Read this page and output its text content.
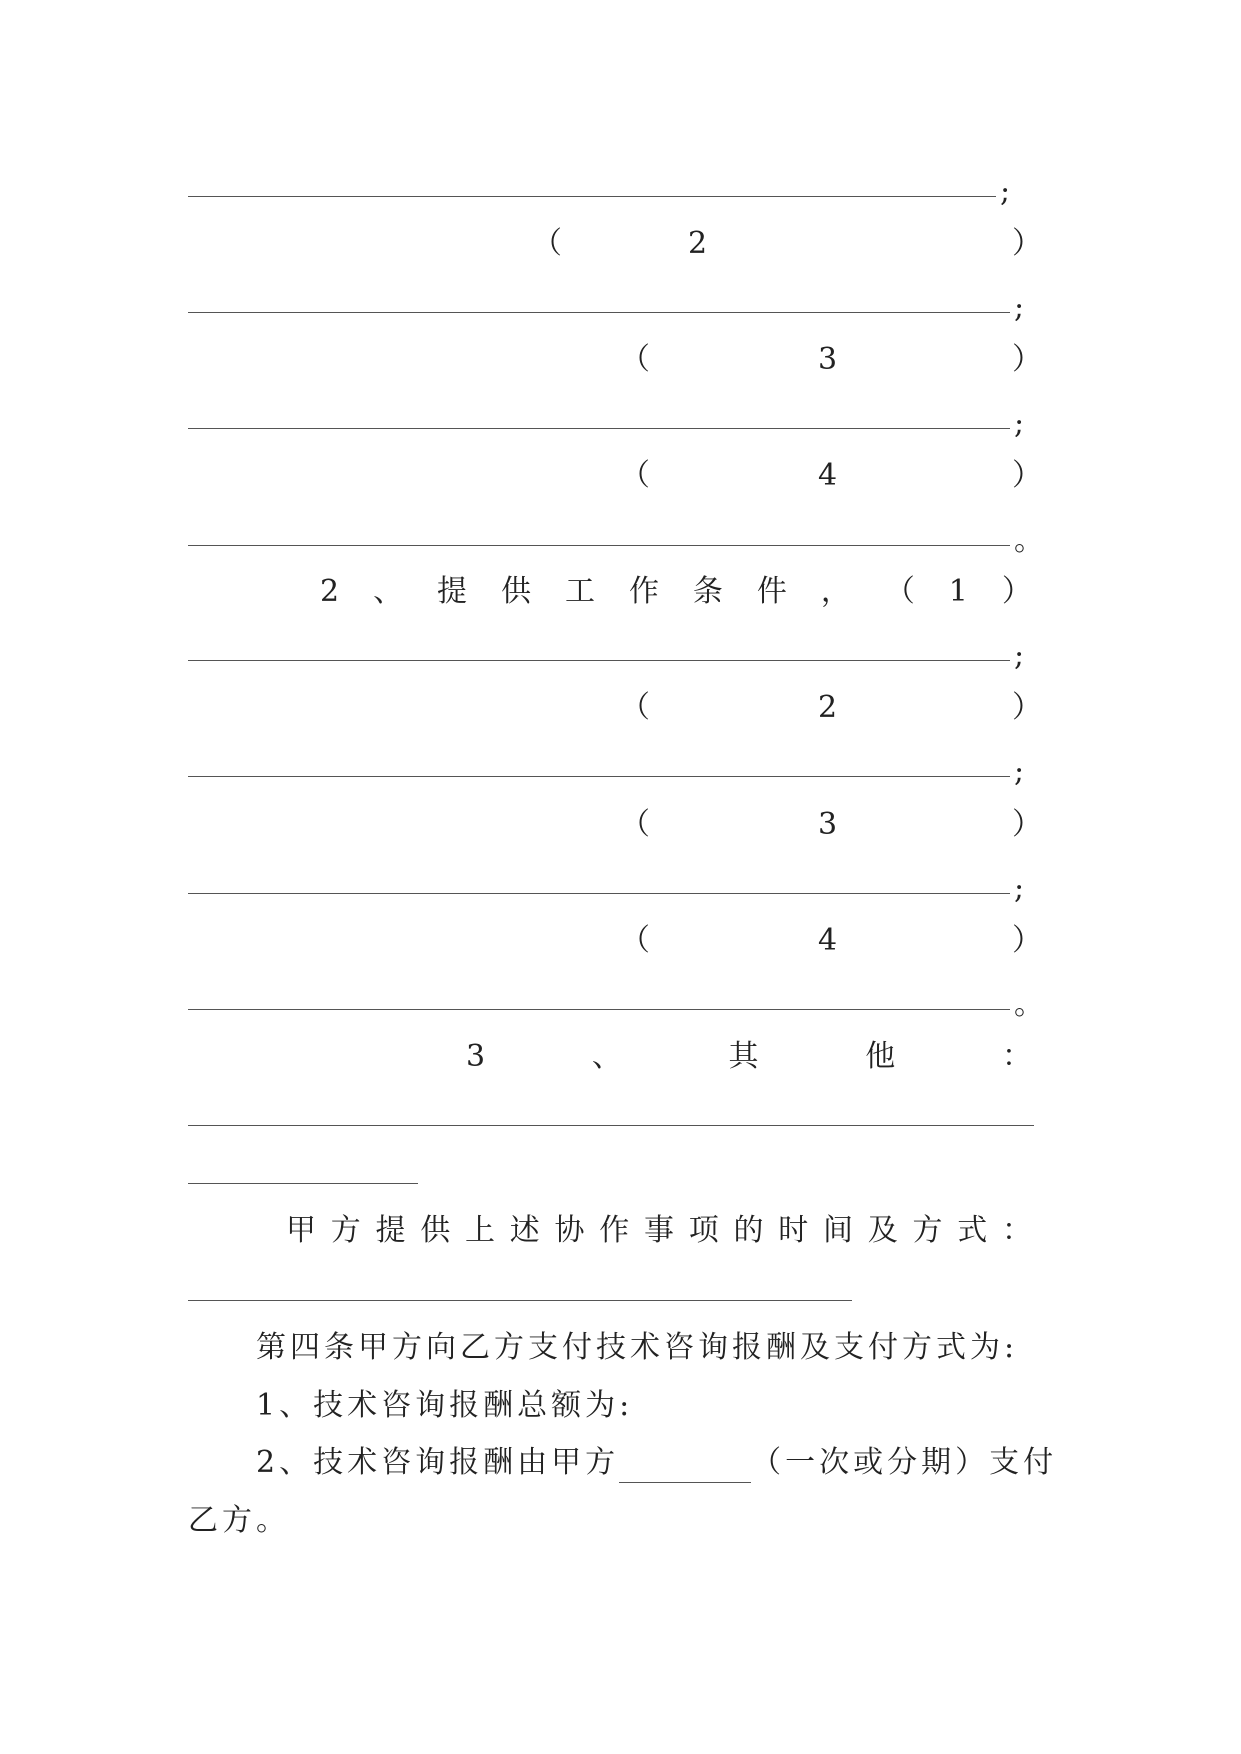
;
（	2	）
;
（	3	）
;
（	4	）
。
2 、 提 供 工 作 条 件 ， （ 1 ）
;
（	2	）
;
（	3	）
;
（	4	）
。
3	、	其	他	：
甲 方 提 供 上 述 协 作 事 项 的 时 间 及 方 式 ：
第四条甲方向乙方支付技术咨询报酬及支付方式为:
1、技术咨询报酬总额为:
2、技术咨询报酬由甲方	（一次或分期）支付
乙方。
